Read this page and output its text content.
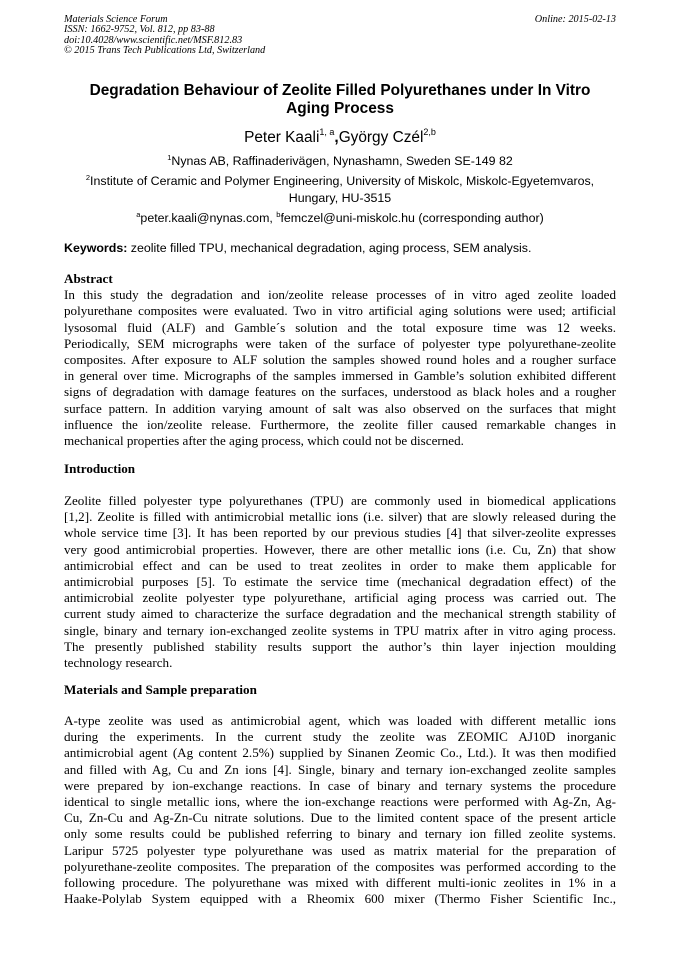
Materials Science Forum
ISSN: 1662-9752, Vol. 812, pp 83-88
doi:10.4028/www.scientific.net/MSF.812.83
© 2015 Trans Tech Publications Ltd, Switzerland
Online: 2015-02-13
Degradation Behaviour of Zeolite Filled Polyurethanes under In Vitro
Aging Process
Peter Kaali$^{1, a}$,György Czél$^{2,b}$
$^1$Nynas AB, Raffinaderivägen, Nynashamn, Sweden SE-149 82
$^2$Institute of Ceramic and Polymer Engineering, University of Miskolc, Miskolc-Egyetemvaros,
Hungary, HU-3515
$^a$peter.kaali@nynas.com, $^b$femczel@uni-miskolc.hu (corresponding author)
Keywords: zeolite filled TPU, mechanical degradation, aging process, SEM analysis.
Abstract
In this study the degradation and ion/zeolite release processes of in vitro aged zeolite loaded
polyurethane composites were evaluated. Two in vitro artificial aging solutions were used; artificial
lysosomal fluid (ALF) and Gamble´s solution and the total exposure time was 12 weeks.
Periodically, SEM micrographs were taken of the surface of polyester type polyurethane-zeolite
composites. After exposure to ALF solution the samples showed round holes and a rougher surface
in general over time. Micrographs of the samples immersed in Gamble’s solution exhibited different
signs of degradation with damage features on the surfaces, understood as black holes and a rougher
surface pattern. In addition varying amount of salt was also observed on the surfaces that might
influence the ion/zeolite release. Furthermore, the zeolite filler caused remarkable changes in
mechanical properties after the aging process, which could not be discerned.
Introduction
Zeolite filled polyester type polyurethanes (TPU) are commonly used in biomedical applications
[1,2]. Zeolite is filled with antimicrobial metallic ions (i.e. silver) that are slowly released during the
whole service time [3]. It has been reported by our previous studies [4] that silver-zeolite expresses
very good antimicrobial properties. However, there are other metallic ions (i.e. Cu, Zn) that show
antimicrobial effect and can be used to treat zeolites in order to make them applicable for
antimicrobial purposes [5]. To estimate the service time (mechanical degradation effect) of the
antimicrobial zeolite polyester type polyurethane, artificial aging process was carried out. The
current study aimed to characterize the surface degradation and the mechanical strength stability of
single, binary and ternary ion-exchanged zeolite systems in TPU matrix after in vitro aging process.
The presently published stability results support the author’s thin layer injection moulding
technology research.
Materials and Sample preparation
A-type zeolite was used as antimicrobial agent, which was loaded with different metallic ions
during the experiments. In the current study the zeolite was ZEOMIC AJ10D inorganic
antimicrobial agent (Ag content 2.5%) supplied by Sinanen Zeomic Co., Ltd.). It was then modified
and filled with Ag, Cu and Zn ions [4]. Single, binary and ternary ion-exchanged zeolite samples
were prepared by ion-exchange reactions. In case of binary and ternary systems the procedure
identical to single metallic ions, where the ion-exchange reactions were performed with Ag-Zn, Ag-
Cu, Zn-Cu and Ag-Zn-Cu nitrate solutions. Due to the limited content space of the present article
only some results could be published referring to binary and ternary ion filled zeolite systems.
Laripur 5725 polyester type polyurethane was used as matrix material for the preparation of
polyurethane-zeolite composites. The preparation of the composites was performed according to the
following procedure. The polyurethane was mixed with different multi-ionic zeolites in 1% in a
Haake-Polylab System equipped with a Rheomix 600 mixer (Thermo Fisher Scientific Inc.,
